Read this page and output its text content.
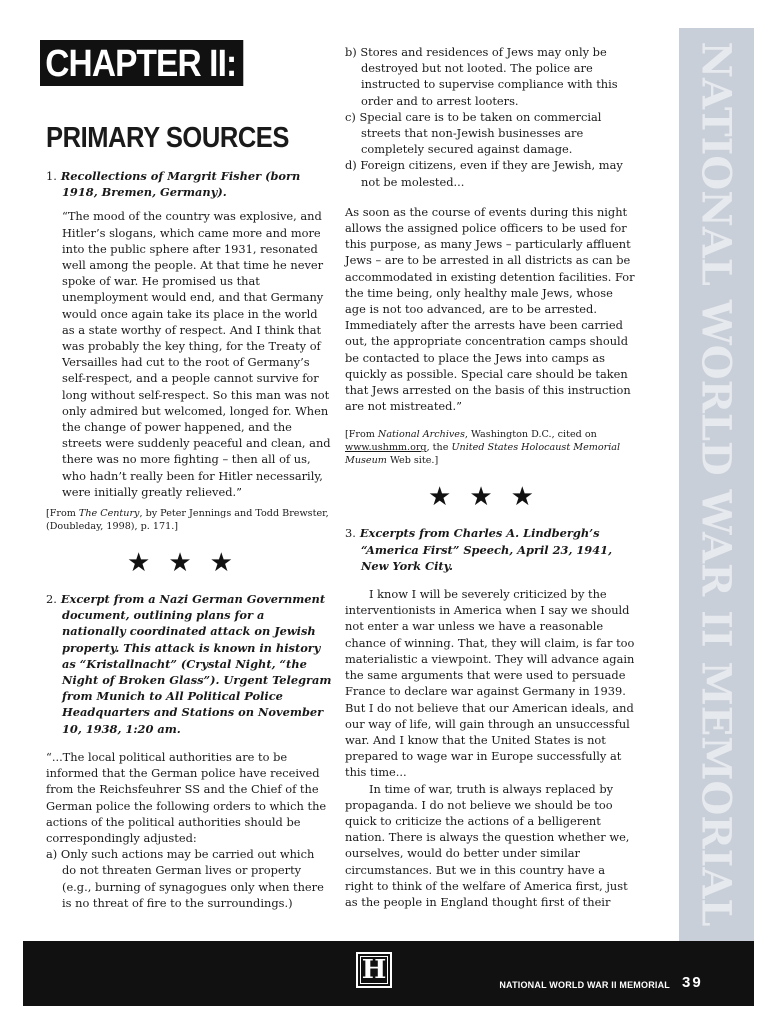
NATIONAL WORLD WAR II MEMORIAL
CHAPTER II:
PRIMARY SOURCES

1. Recollections of Margrit Fisher (born 1918, Bremen, Germany).

“The mood of the country was explosive, and Hitler’s slogans, which came more and more into the public sphere after 1931, resonated well among the people. At that time he never spoke of war. He promised us that unemployment would end, and that Germany would once again take its place in the world as a state worthy of respect. And I think that was probably the key thing, for the Treaty of Versailles had cut to the root of Germany’s self-respect, and a people cannot survive for long without self-respect. So this man was not only admired but welcomed, longed for. When the change of power happened, and the streets were suddenly peaceful and clean, and there was no more fighting – then all of us, who hadn’t really been for Hitler necessarily, were initially greatly relieved.”

[From The Century, by Peter Jennings and Todd Brewster, (Doubleday, 1998), p. 171.]
★★★

2. Excerpt from a Nazi German Government document, outlining plans for a nationally coordinated attack on Jewish property. This attack is known in history as “Kristallnacht” (Crystal Night, “the Night of Broken Glass”). Urgent Telegram from Munich to All Political Police Headquarters and Stations on November 10, 1938, 1:20 am.

“...The local political authorities are to be informed that the German police have received from the Reichsfeuhrer SS and the Chief of the German police the following orders to which the actions of the political authorities should be correspondingly adjusted:

a) Only such actions may be carried out which do not threaten German lives or property (e.g., burning of synagogues only when there is no threat of fire to the surroundings.)

b) Stores and residences of Jews may only be destroyed but not looted. The police are instructed to supervise compliance with this order and to arrest looters.

c) Special care is to be taken on commercial streets that non-Jewish businesses are completely secured against damage.

d) Foreign citizens, even if they are Jewish, may not be molested...

As soon as the course of events during this night allows the assigned police officers to be used for this purpose, as many Jews – particularly affluent Jews – are to be arrested in all districts as can be accommodated in existing detention facilities. For the time being, only healthy male Jews, whose age is not too advanced, are to be arrested. Immediately after the arrests have been carried out, the appropriate concentration camps should be contacted to place the Jews into camps as quickly as possible. Special care should be taken that Jews arrested on the basis of this instruction are not mistreated.”

[From National Archives, Washington D.C., cited on www.ushmm.org, the United States Holocaust Memorial Museum Web site.]
★★★

3. Excerpts from Charles A. Lindbergh’s “America First” Speech, April 23, 1941, New York City.

I know I will be severely criticized by the interventionists in America when I say we should not enter a war unless we have a reasonable chance of winning. That, they will claim, is far too materialistic a viewpoint. They will advance again the same arguments that were used to persuade France to declare war against Germany in 1939. But I do not believe that our American ideals, and our way of life, will gain through an unsuccessful war. And I know that the United States is not prepared to wage war in Europe successfully at this time...

In time of war, truth is always replaced by propaganda. I do not believe we should be too quick to criticize the actions of a belligerent nation. There is always the question whether we, ourselves, would do better under similar circumstances. But we in this country have a right to think of the welfare of America first, just as the people in England thought first of their

H	NATIONAL WORLD WAR II MEMORIAL 39
